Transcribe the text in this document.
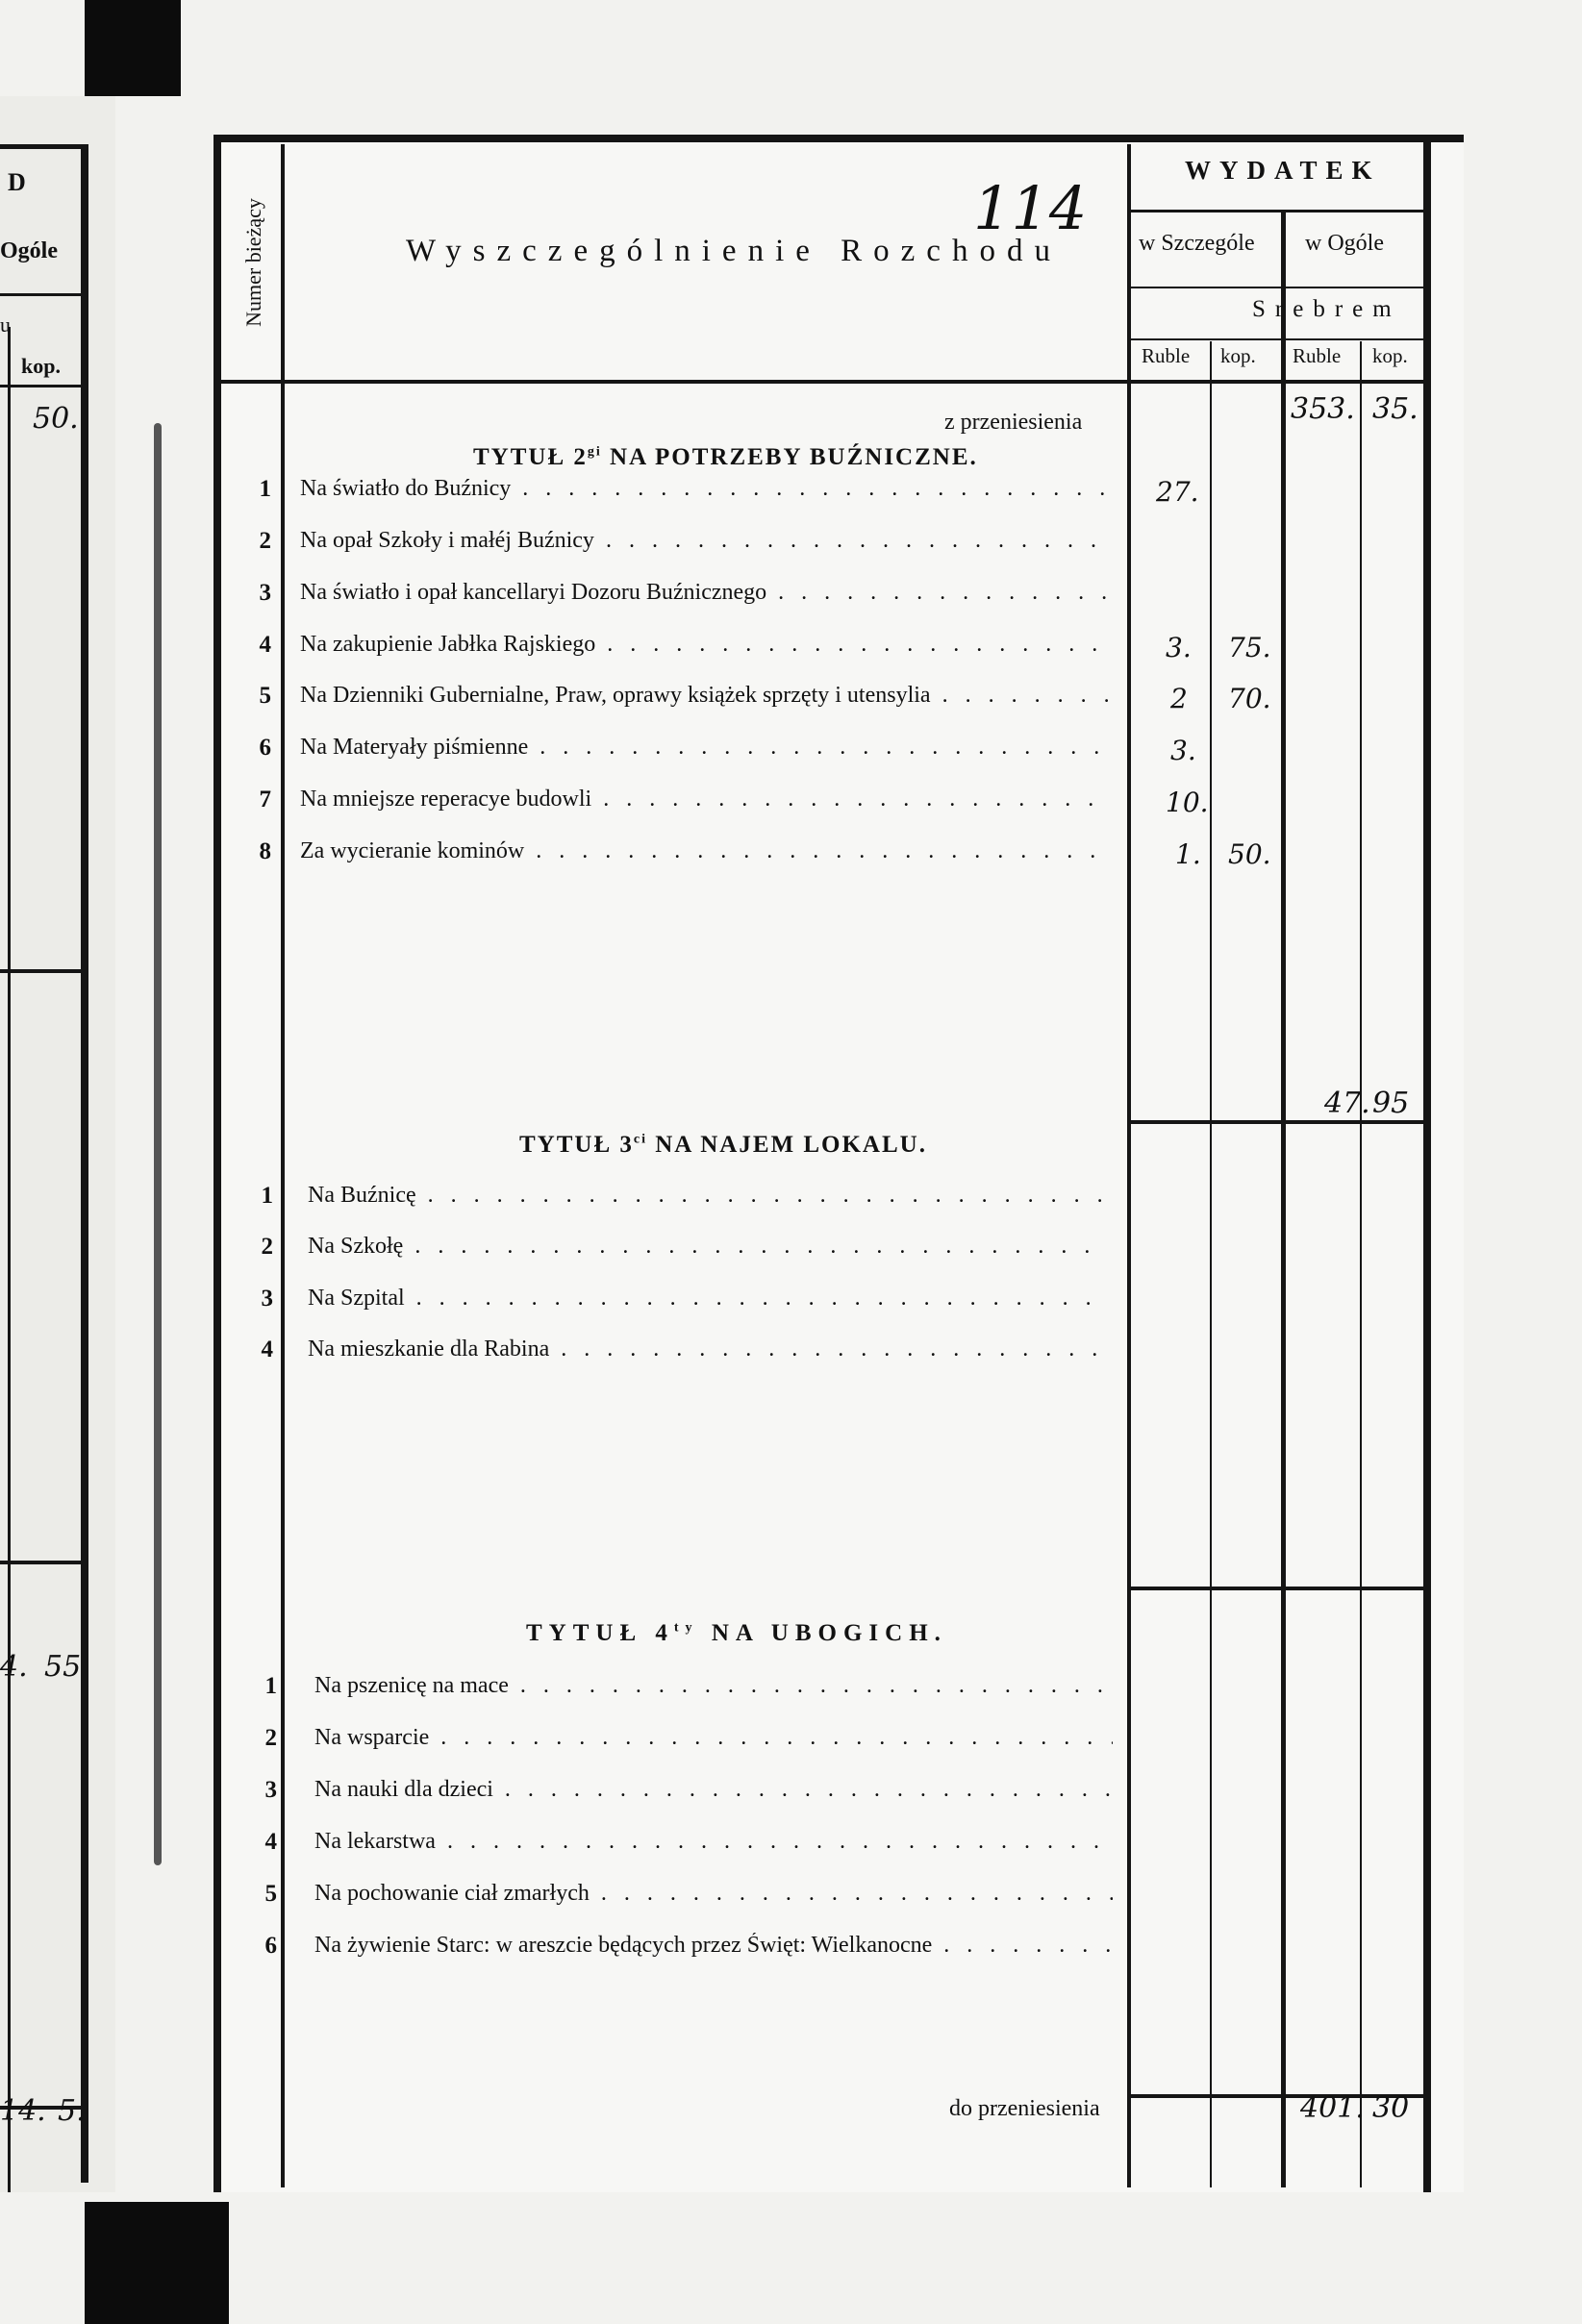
D
Ogóle
u
kop.
50.
4. 55
14. 5.
Numer bieżący	Wyszczególnienie Rozchodu
114
WYDATEK
w Szczególe w Ogóle
Srebrem
Ruble kop. Ruble kop.
z przeniesienia	353. 35.
TYTUŁ $2^{gi}$ NA POTRZEBY BUŹNICZNE.
1 Na światło do Buźnicy . . .	27.
2 Na opał Szkoły i małéj Buźnicy . . .
3 Na światło i opał kancellaryi Dozoru Buźnicznego . . .
4 Na zakupienie Jabłka Rajskiego . . .	3. 75.
5 Na Dzienniki Gubernialne, Praw, oprawy książek sprzęty i utensylia . . .	2 70.
6 Na Materyały piśmienne . . .	3.
7 Na mniejsze reperacye budowli . . .	10.
8 Za wycieranie kominów . . .	1. 50.
47. 95
TYTUŁ $3^{ci}$ NA NAJEM LOKALU.
1 Na Buźnicę . . .
2 Na Szkołę . . .
3 Na Szpital . . .
4 Na mieszkanie dla Rabina . . .
TYTUŁ $4^{ty}$ NA UBOGICH.
1 Na pszenicę na mace . . .
2 Na wsparcie . . .
3 Na nauki dla dzieci . . .
4 Na lekarstwa . . .
5 Na pochowanie ciał zmarłych . . .
6 Na żywienie Starc: w areszcie będących przez Święt: Wielkanocne . . .
do przeniesienia	401. 30
